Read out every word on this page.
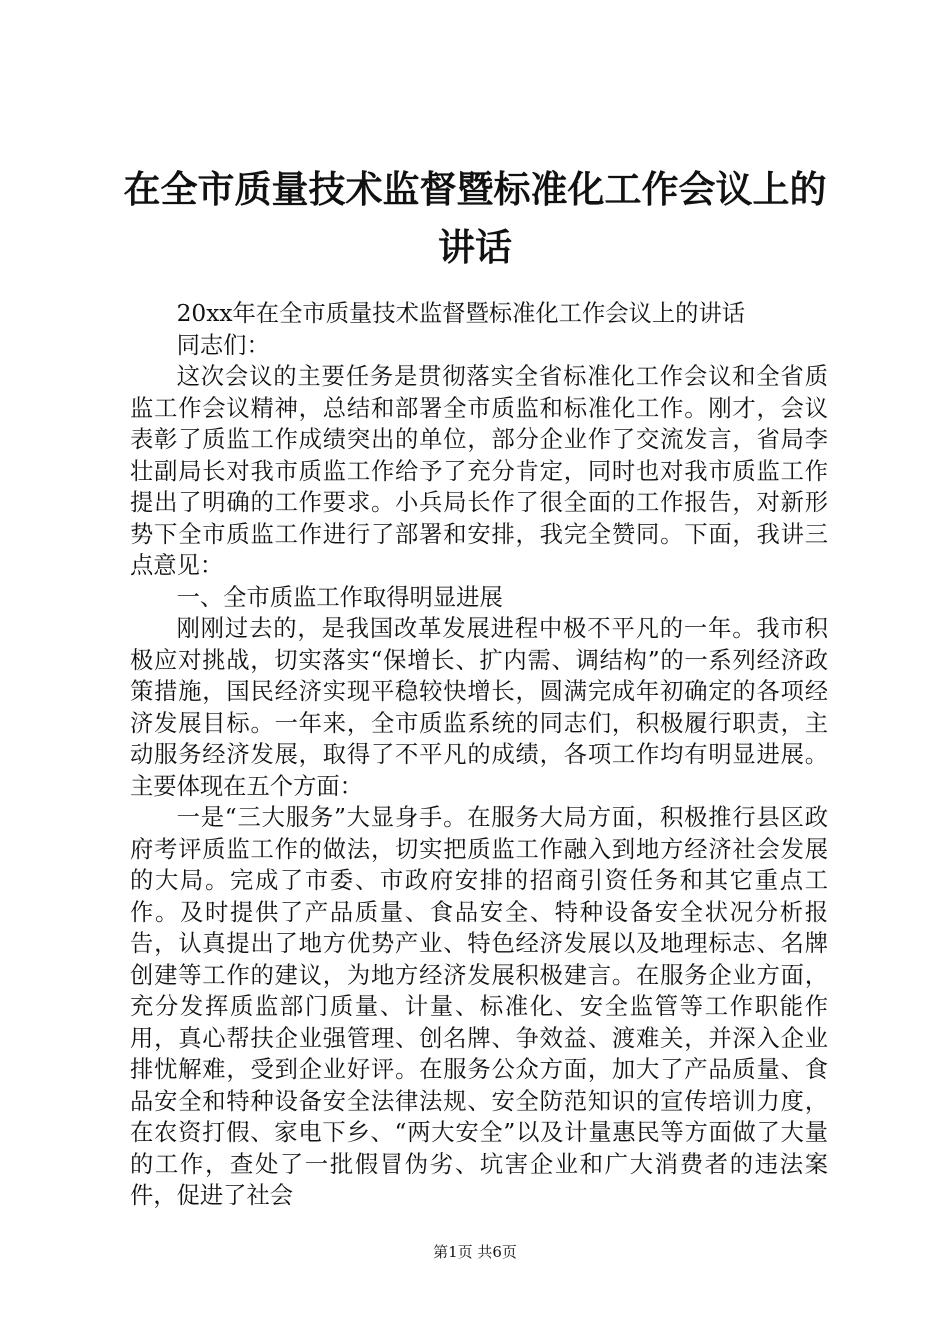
在全市质量技术监督暨标准化工作会议上的讲话

20xx年在全市质量技术监督暨标准化工作会议上的讲话

同志们：

这次会议的主要任务是贯彻落实全省标准化工作会议和全省质监工作会议精神，总结和部署全市质监和标准化工作。刚才，会议表彰了质监工作成绩突出的单位，部分企业作了交流发言，省局李壮副局长对我市质监工作给予了充分肯定，同时也对我市质监工作提出了明确的工作要求。小兵局长作了很全面的工作报告，对新形势下全市质监工作进行了部署和安排，我完全赞同。下面，我讲三点意见：

一、全市质监工作取得明显进展

刚刚过去的，是我国改革发展进程中极不平凡的一年。我市积极应对挑战，切实落实“保增长、扩内需、调结构”的一系列经济政策措施，国民经济实现平稳较快增长，圆满完成年初确定的各项经济发展目标。一年来，全市质监系统的同志们，积极履行职责，主动服务经济发展，取得了不平凡的成绩，各项工作均有明显进展。主要体现在五个方面：

一是“三大服务”大显身手。在服务大局方面，积极推行县区政府考评质监工作的做法，切实把质监工作融入到地方经济社会发展的大局。完成了市委、市政府安排的招商引资任务和其它重点工作。及时提供了产品质量、食品安全、特种设备安全状况分析报告，认真提出了地方优势产业、特色经济发展以及地理标志、名牌创建等工作的建议，为地方经济发展积极建言。在服务企业方面，充分发挥质监部门质量、计量、标准化、安全监管等工作职能作用，真心帮扶企业强管理、创名牌、争效益、渡难关，并深入企业排忧解难，受到企业好评。在服务公众方面，加大了产品质量、食品安全和特种设备安全法律法规、安全防范知识的宣传培训力度，在农资打假、家电下乡、“两大安全”以及计量惠民等方面做了大量的工作，查处了一批假冒伪劣、坑害企业和广大消费者的违法案件，促进了社会

第1页 共6页
